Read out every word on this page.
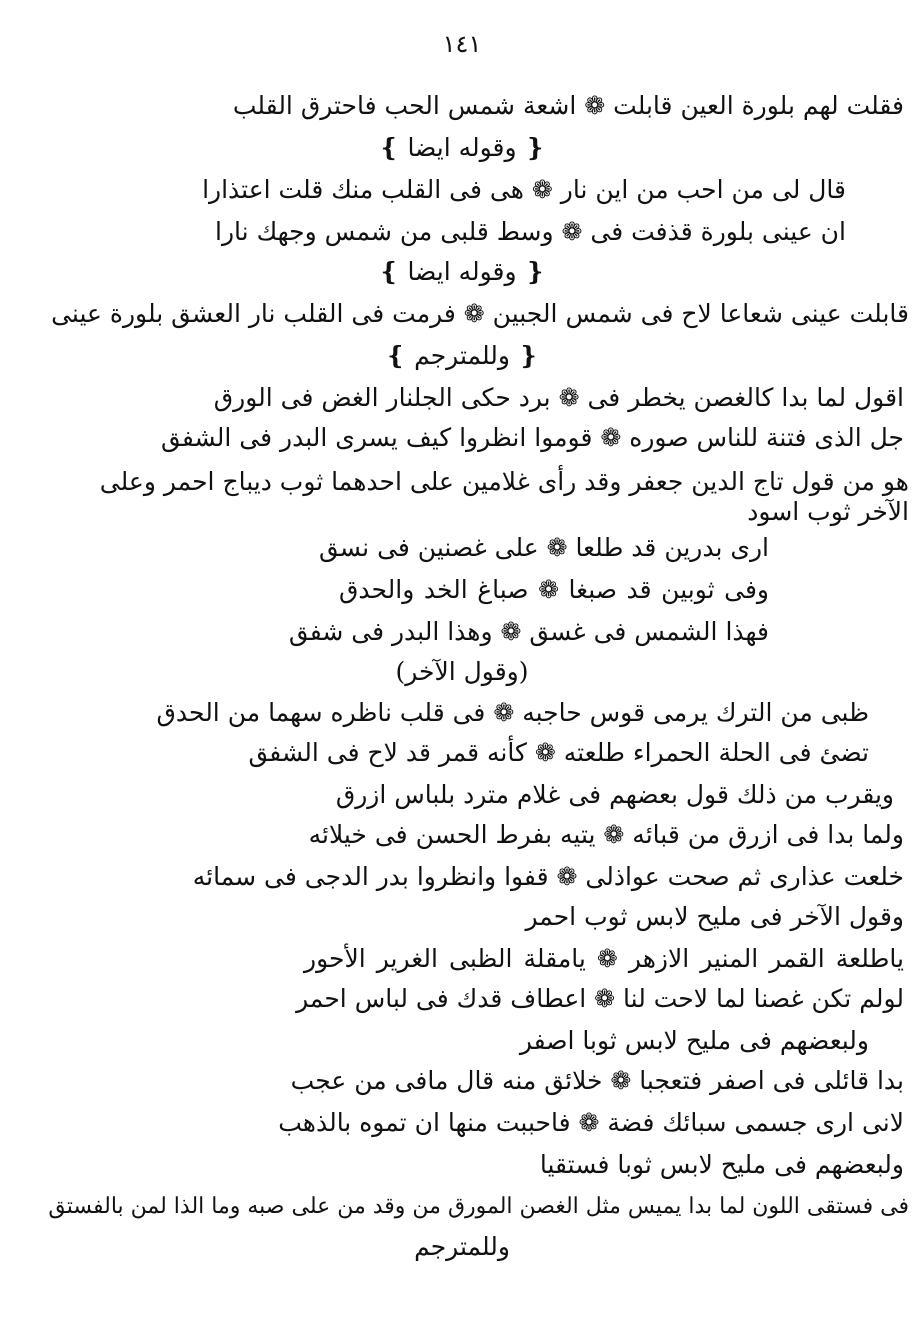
١٤١
فقلت لهم بلورة العين قابلت ❁ اشعة شمس الحب فاحترق القلب
❴ وقوله ايضا ❵
قال لى من احب من اين نار ❁ هى فى القلب منك قلت اعتذارا
ان عينى بلورة قذفت فى ❁ وسط قلبى من شمس وجهك نارا
❴ وقوله ايضا ❵
قابلت عينى شعاعا لاح فى شمس الجبين ❁ فرمت فى القلب نار العشق بلورة عينى
❴ وللمترجم ❵
اقول لما بدا كالغصن يخطر فى ❁ برد حكى الجلنار الغض فى الورق
جل الذى فتنة للناس صوره ❁ قوموا انظروا كيف يسرى البدر فى الشفق
هو من قول تاج الدين جعفر وقد رأى غلامين على احدهما ثوب ديباج احمر وعلى
الآخر ثوب اسود
ارى بدرين قد طلعا ❁ على غصنين فى نسق
وفى ثوبين قد صبغا ❁ صباغ الخد والحدق
فهذا الشمس فى غسق ❁ وهذا البدر فى شفق
(وقول الآخر)
ظبى من الترك يرمى قوس حاجبه ❁ فى قلب ناظره سهما من الحدق
تضئ فى الحلة الحمراء طلعته ❁ كأنه قمر قد لاح فى الشفق
ويقرب من ذلك قول بعضهم فى غلام مترد بلباس ازرق
ولما بدا فى ازرق من قبائه ❁ يتيه بفرط الحسن فى خيلائه
خلعت عذارى ثم صحت عواذلى ❁ قفوا وانظروا بدر الدجى فى سمائه
وقول الآخر فى مليح لابس ثوب احمر
ياطلعة القمر المنير الازهر ❁ يامقلة الظبى الغرير الأحور
لولم تكن غصنا لما لاحت لنا ❁ اعطاف قدك فى لباس احمر
ولبعضهم فى مليح لابس ثوبا اصفر
بدا قائلى فى اصفر فتعجبا ❁ خلائق منه قال مافى من عجب
لانى ارى جسمى سبائك فضة ❁ فاحببت منها ان تموه بالذهب
ولبعضهم فى مليح لابس ثوبا فستقيا
فى فستقى اللون لما بدا يميس مثل الغصن المورق من وقد من على صبه وما الذا لمن بالفستق
وللمترجم
